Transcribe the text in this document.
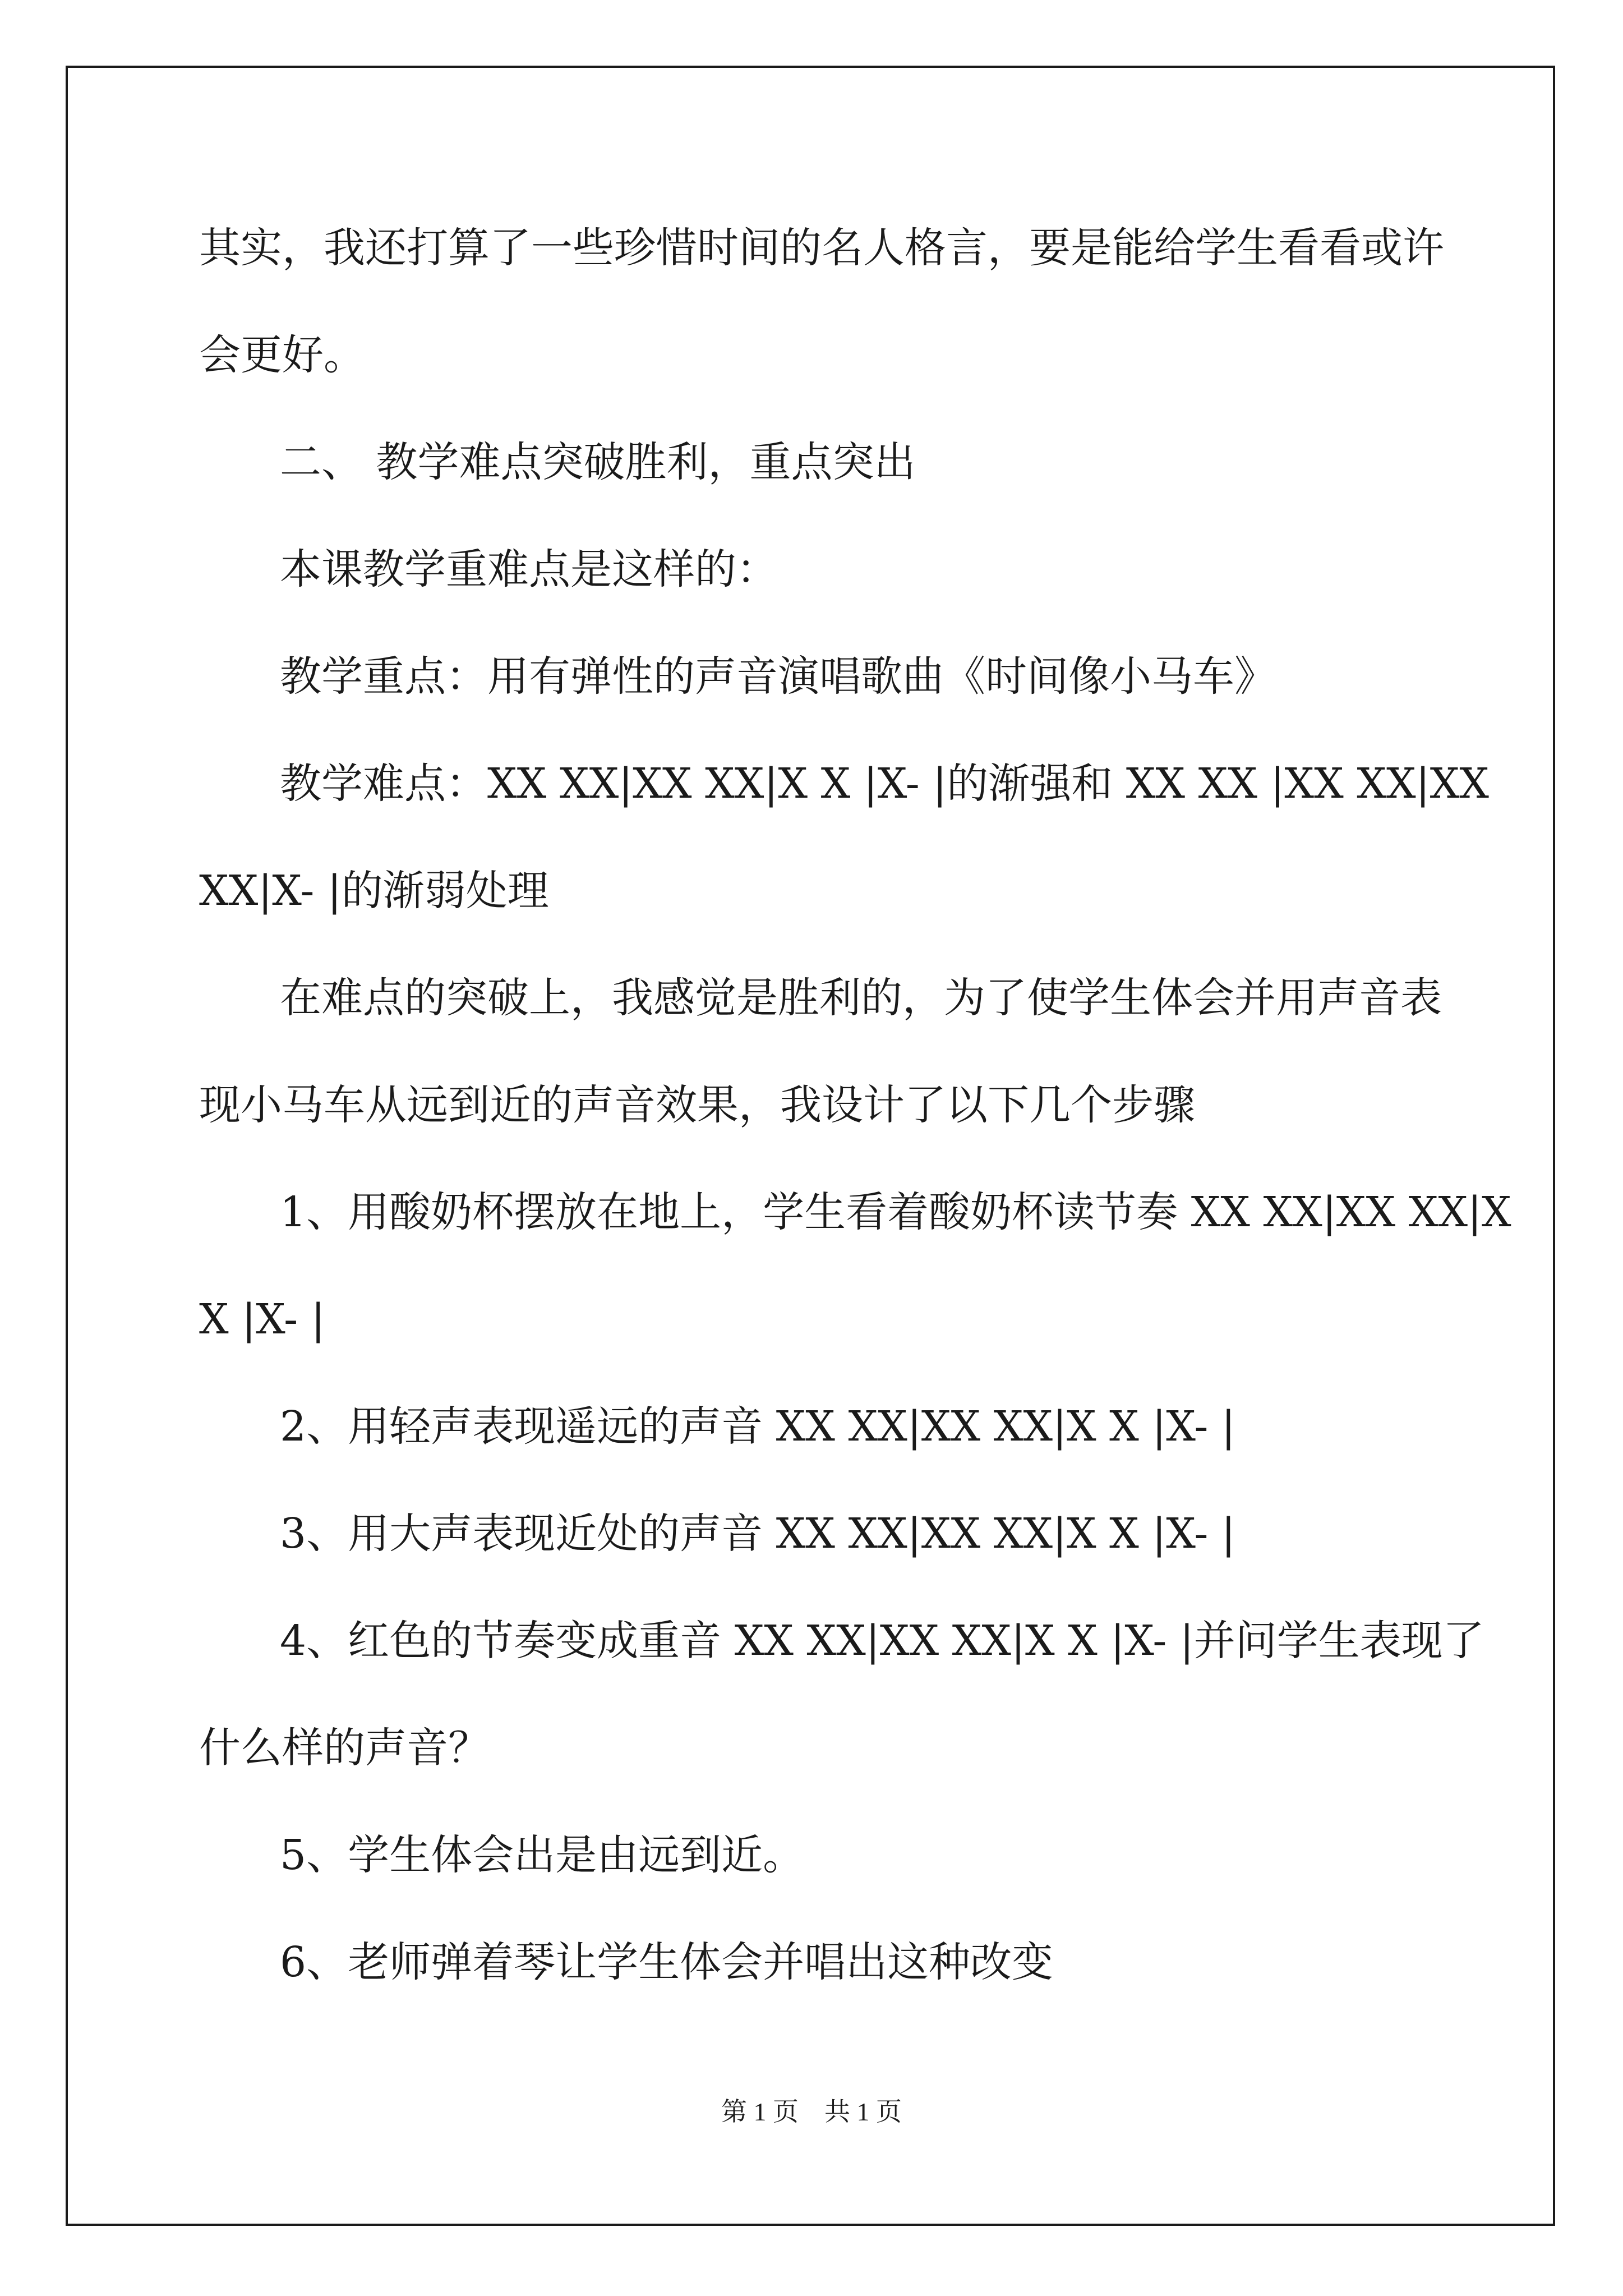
其实，我还打算了一些珍惜时间的名人格言，要是能给学生看看或许
会更好。
二、 教学难点突破胜利，重点突出
本课教学重难点是这样的：
教学重点：用有弹性的声音演唱歌曲《时间像小马车》
教学难点：XX XX|XX XX|X X |X- |的渐强和 XX XX |XX XX|XX
XX|X- |的渐弱处理
在难点的突破上，我感觉是胜利的，为了使学生体会并用声音表
现小马车从远到近的声音效果，我设计了以下几个步骤
1、用酸奶杯摆放在地上，学生看着酸奶杯读节奏 XX XX|XX XX|X
X |X- |
2、用轻声表现遥远的声音 XX XX|XX XX|X X |X- |
3、用大声表现近处的声音 XX XX|XX XX|X X |X- |
4、红色的节奏变成重音 XX XX|XX XX|X X |X- |并问学生表现了
什么样的声音？
5、学生体会出是由远到近。
6、老师弹着琴让学生体会并唱出这种改变
第 1 页 共 1 页
